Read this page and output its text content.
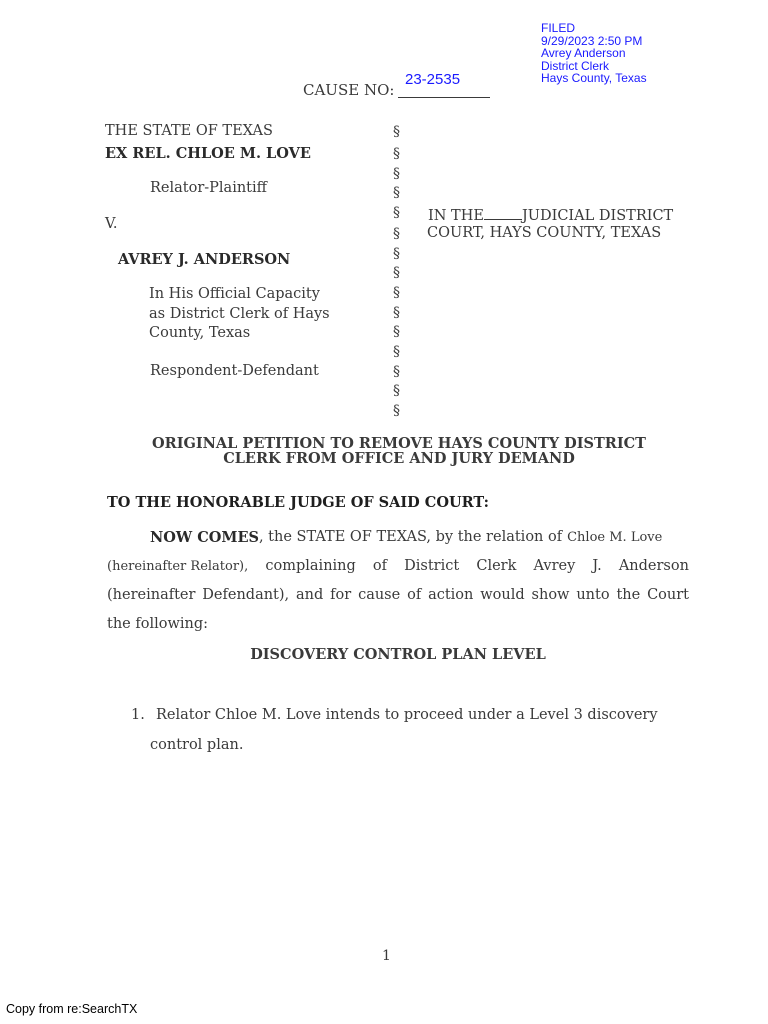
FILED
9/29/2023 2:50 PM
Avrey Anderson
District Clerk
Hays County, Texas
CAUSE NO:
23-2535
THE STATE OF TEXAS
EX REL. CHLOE M. LOVE
Relator-Plaintiff
V.
AVREY J. ANDERSON
In His Official Capacity
as District Clerk of Hays
County, Texas
Respondent-Defendant
§
§
§
§
§
§
§
§
§
§
§
§
§
§
§
IN THE	JUDICIAL DISTRICT
COURT, HAYS COUNTY, TEXAS
ORIGINAL PETITION TO REMOVE HAYS COUNTY DISTRICT
CLERK FROM OFFICE AND JURY DEMAND
TO THE HONORABLE JUDGE OF SAID COURT:
NOW COMES , the STATE OF TEXAS, by the relation of Chloe M. Love
(hereinafter Relator), complaining of District Clerk Avrey J. Anderson
(hereinafter Defendant), and for cause of action would show unto the Court
the following:
DISCOVERY CONTROL PLAN LEVEL
1. Relator Chloe M. Love intends to proceed under a Level 3 discovery
control plan.
1
Copy from re:SearchTX
